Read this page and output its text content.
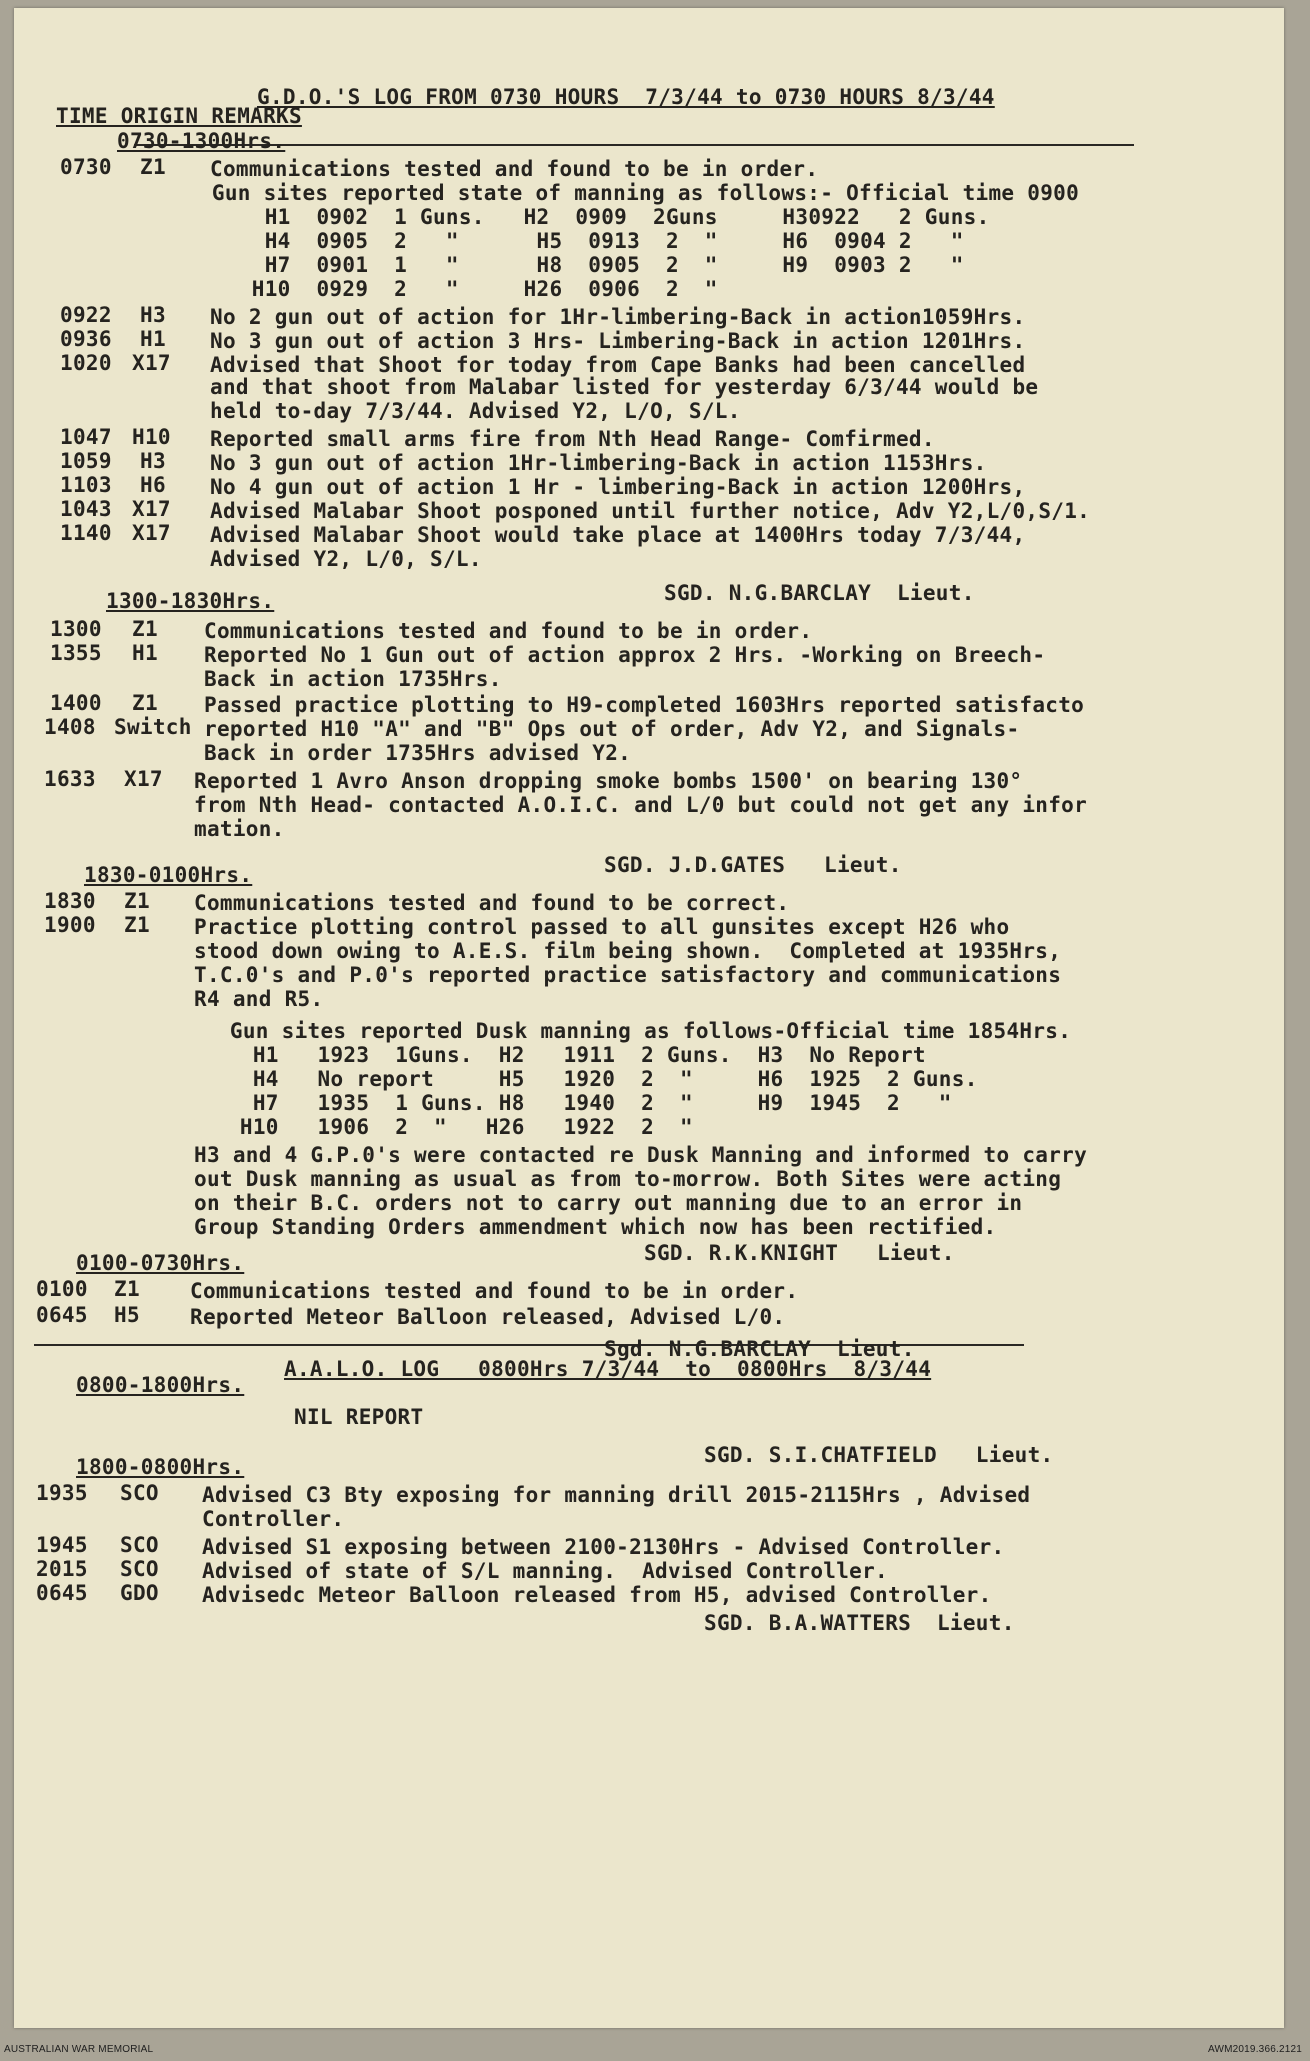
G.D.O.'S LOG FROM 0730 HOURS  7/3/44 to 0730 HOURS 8/3/44
TIME ORIGIN REMARKS
0730-1300Hrs.
0730 Z1 Communications tested and found to be in order.
Gun sites reported state of manning as follows:- Official time 0900
H1  0902  1 Guns.   H2  0909  2Guns     H30922   2 Guns.
H4  0905  2   "      H5  0913  2  "     H6  0904 2   "
H7  0901  1   "      H8  0905  2  "     H9  0903 2   "
H10  0929  2   "     H26  0906  2  "
0922 H3 No 2 gun out of action for 1Hr-limbering-Back in action1059Hrs.
0936 H1 No 3 gun out of action 3 Hrs- Limbering-Back in action 1201Hrs.
1020 X17 Advised that Shoot for today from Cape Banks had been cancelled
and that shoot from Malabar listed for yesterday 6/3/44 would be
held to-day 7/3/44. Advised Y2, L/O, S/L.
1047 H10 Reported small arms fire from Nth Head Range- Comfirmed.
1059 H3 No 3 gun out of action 1Hr-limbering-Back in action 1153Hrs.
1103 H6 No 4 gun out of action 1 Hr - limbering-Back in action 1200Hrs,
1043 X17 Advised Malabar Shoot posponed until further notice, Adv Y2,L/0,S/1.
1140 X17 Advised Malabar Shoot would take place at 1400Hrs today 7/3/44,
Advised Y2, L/0, S/L.
SGD. N.G.BARCLAY  Lieut.
1300-1830Hrs.
1300 Z1 Communications tested and found to be in order.
1355 H1 Reported No 1 Gun out of action approx 2 Hrs. -Working on Breech-
Back in action 1735Hrs.
1400 Z1 Passed practice plotting to H9-completed 1603Hrs reported satisfacto
1408 Switch reported H10 "A" and "B" Ops out of order, Adv Y2, and Signals-
Back in order 1735Hrs advised Y2.
1633 X17 Reported 1 Avro Anson dropping smoke bombs 1500' on bearing 130°
from Nth Head- contacted A.O.I.C. and L/0 but could not get any infor
mation.
SGD. J.D.GATES   Lieut.
1830-0100Hrs.
1830 Z1 Communications tested and found to be correct.
1900 Z1 Practice plotting control passed to all gunsites except H26 who
stood down owing to A.E.S. film being shown.  Completed at 1935Hrs,
T.C.0's and P.0's reported practice satisfactory and communications
R4 and R5.
Gun sites reported Dusk manning as follows-Official time 1854Hrs.
H1   1923  1Guns.  H2   1911  2 Guns.  H3  No Report
H4   No report     H5   1920  2  "     H6  1925  2 Guns.
H7   1935  1 Guns. H8   1940  2  "     H9  1945  2   "
H10   1906  2  "   H26   1922  2  "
H3 and 4 G.P.0's were contacted re Dusk Manning and informed to carry
out Dusk manning as usual as from to-morrow. Both Sites were acting
on their B.C. orders not to carry out manning due to an error in
Group Standing Orders ammendment which now has been rectified.
SGD. R.K.KNIGHT   Lieut.
0100-0730Hrs.
0100 Z1 Communications tested and found to be in order.
0645 H5 Reported Meteor Balloon released, Advised L/0.
Sgd. N.G.BARCLAY  Lieut.
A.A.L.O. LOG   0800Hrs 7/3/44  to  0800Hrs  8/3/44
0800-1800Hrs.
NIL REPORT
SGD. S.I.CHATFIELD   Lieut.
1800-0800Hrs.
1935 SCO Advised C3 Bty exposing for manning drill 2015-2115Hrs , Advised
Controller.
1945 SCO Advised S1 exposing between 2100-2130Hrs - Advised Controller.
2015 SCO Advised of state of S/L manning.  Advised Controller.
0645 GDO Advisedc Meteor Balloon released from H5, advised Controller.
SGD. B.A.WATTERS  Lieut.
AUSTRALIAN WAR MEMORIAL	AWM2019.366.2121
